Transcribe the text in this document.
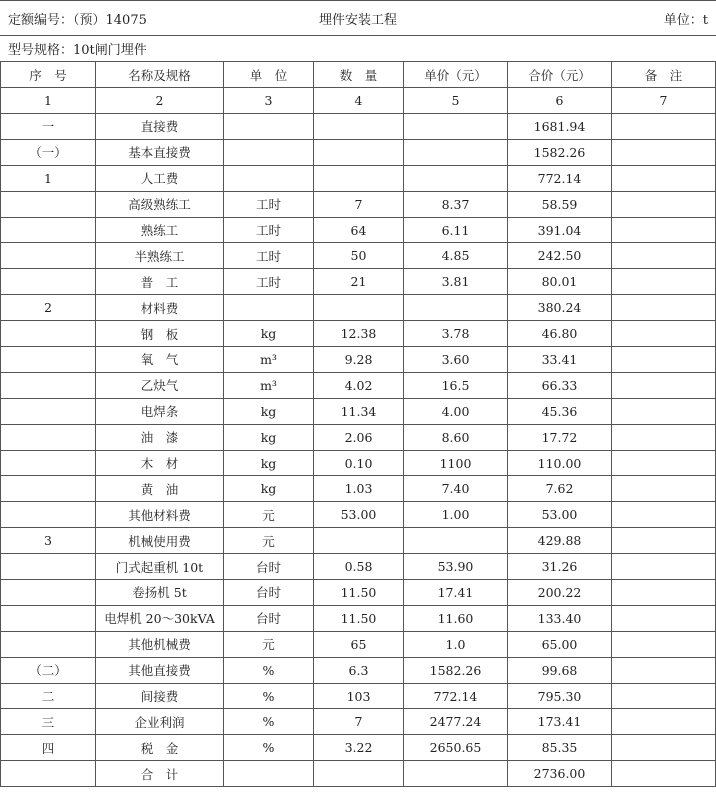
定额编号：（预）14075	埋件安装工程	单位：t
型号规格：10t闸门埋件
序　号	名称及规格	单　位	数　量	单价（元）	合价（元）	备　注
1	2	3	4	5	6	7
一	直接费				1681.94	
（一）	基本直接费				1582.26	
1	人工费				772.14	
	高级熟练工	工时	7	8.37	58.59	
	熟练工	工时	64	6.11	391.04	
	半熟练工	工时	50	4.85	242.50	
	普　工	工时	21	3.81	80.01	
2	材料费				380.24	
	钢　板	kg	12.38	3.78	46.80	
	氧　气	m³	9.28	3.60	33.41	
	乙炔气	m³	4.02	16.5	66.33	
	电焊条	kg	11.34	4.00	45.36	
	油　漆	kg	2.06	8.60	17.72	
	木　材	kg	0.10	1100	110.00	
	黄　油	kg	1.03	7.40	7.62	
	其他材料费	元	53.00	1.00	53.00	
3	机械使用费	元			429.88	
	门式起重机 10t	台时	0.58	53.90	31.26	
	卷扬机 5t	台时	11.50	17.41	200.22	
	电焊机 20～30kVA	台时	11.50	11.60	133.40	
	其他机械费	元	65	1.0	65.00	
（二）	其他直接费	%	6.3	1582.26	99.68	
二	间接费	%	103	772.14	795.30	
三	企业利润	%	7	2477.24	173.41	
四	税　金	%	3.22	2650.65	85.35	
	合　计				2736.00	
